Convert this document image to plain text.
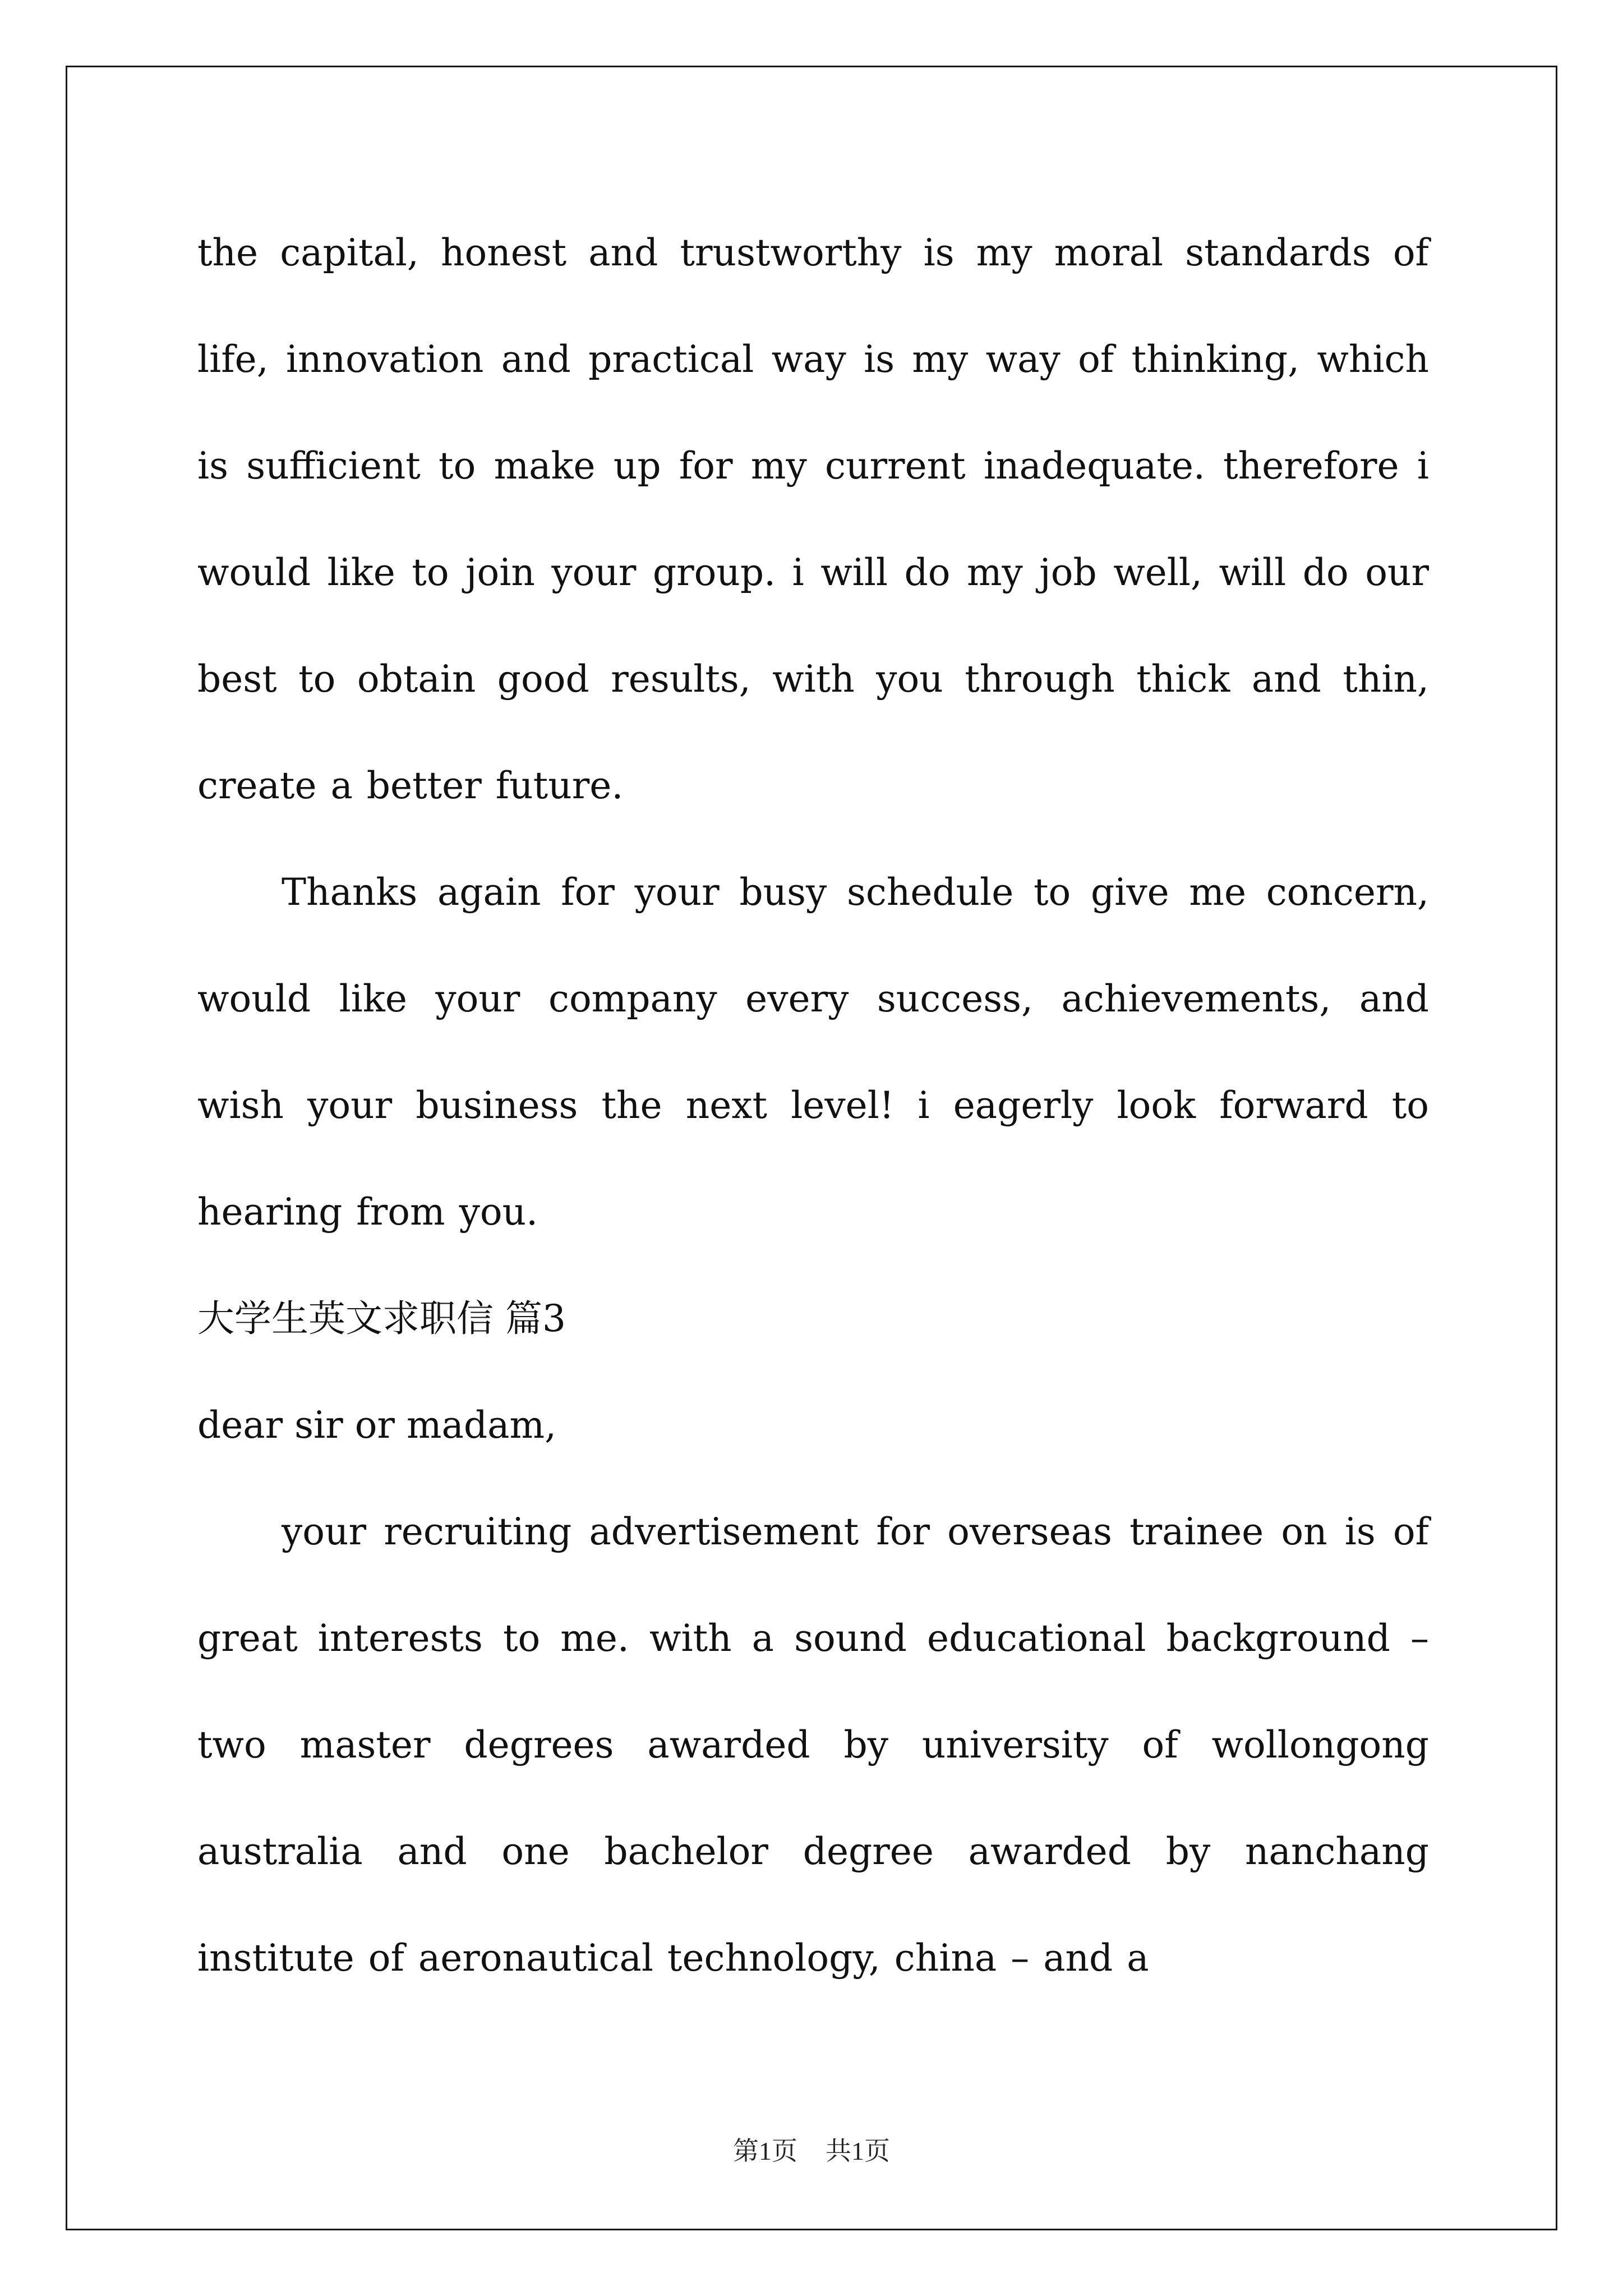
the capital, honest and trustworthy is my moral standards of life, innovation and practical way is my way of thinking, which is sufficient to make up for my current inadequate. therefore i would like to join your group. i will do my job well, will do our best to obtain good results, with you through thick and thin, create a better future.

Thanks again for your busy schedule to give me concern, would like your company every success, achievements, and wish your business the next level! i eagerly look forward to hearing from you.

大学生英文求职信 篇3

dear sir or madam,

your recruiting advertisement for overseas trainee on is of great interests to me. with a sound educational background – two master degrees awarded by university of wollongong australia and one bachelor degree awarded by nanchang institute of aeronautical technology, china – and a

第1页 共1页
